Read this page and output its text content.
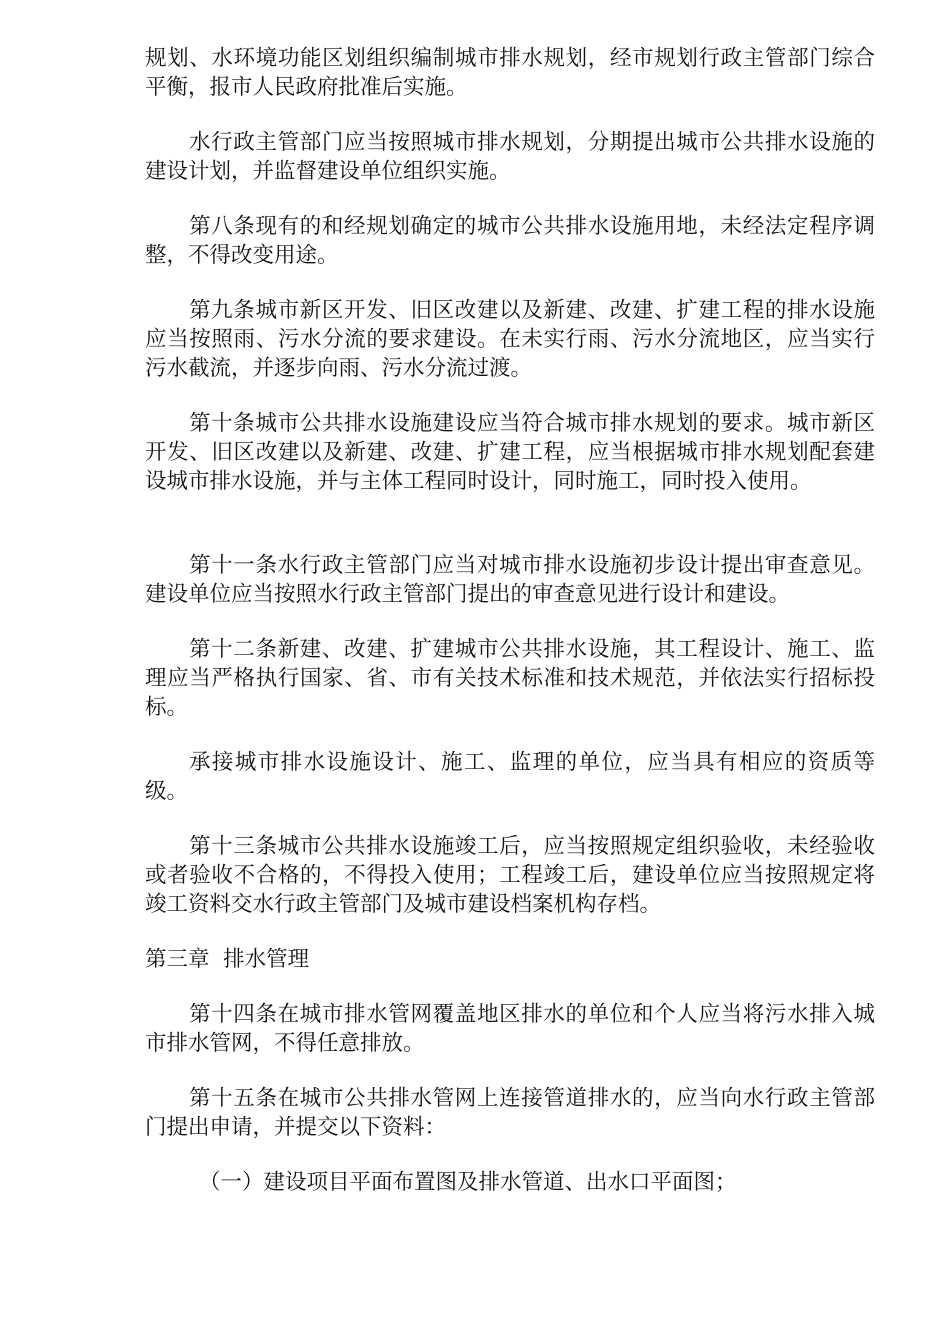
规划、水环境功能区划组织编制城市排水规划，经市规划行政主管部门综合平衡，报市人民政府批准后实施。

水行政主管部门应当按照城市排水规划，分期提出城市公共排水设施的建设计划，并监督建设单位组织实施。

第八条现有的和经规划确定的城市公共排水设施用地，未经法定程序调整，不得改变用途。

第九条城市新区开发、旧区改建以及新建、改建、扩建工程的排水设施应当按照雨、污水分流的要求建设。在未实行雨、污水分流地区，应当实行污水截流，并逐步向雨、污水分流过渡。

第十条城市公共排水设施建设应当符合城市排水规划的要求。城市新区开发、旧区改建以及新建、改建、扩建工程，应当根据城市排水规划配套建设城市排水设施，并与主体工程同时设计，同时施工，同时投入使用。

第十一条水行政主管部门应当对城市排水设施初步设计提出审查意见。建设单位应当按照水行政主管部门提出的审查意见进行设计和建设。

第十二条新建、改建、扩建城市公共排水设施，其工程设计、施工、监理应当严格执行国家、省、市有关技术标准和技术规范，并依法实行招标投标。

承接城市排水设施设计、施工、监理的单位，应当具有相应的资质等级。

第十三条城市公共排水设施竣工后，应当按照规定组织验收，未经验收或者验收不合格的，不得投入使用；工程竣工后，建设单位应当按照规定将竣工资料交水行政主管部门及城市建设档案机构存档。

第三章  排水管理

第十四条在城市排水管网覆盖地区排水的单位和个人应当将污水排入城市排水管网，不得任意排放。

第十五条在城市公共排水管网上连接管道排水的，应当向水行政主管部门提出申请，并提交以下资料：

（一）建设项目平面布置图及排水管道、出水口平面图；
